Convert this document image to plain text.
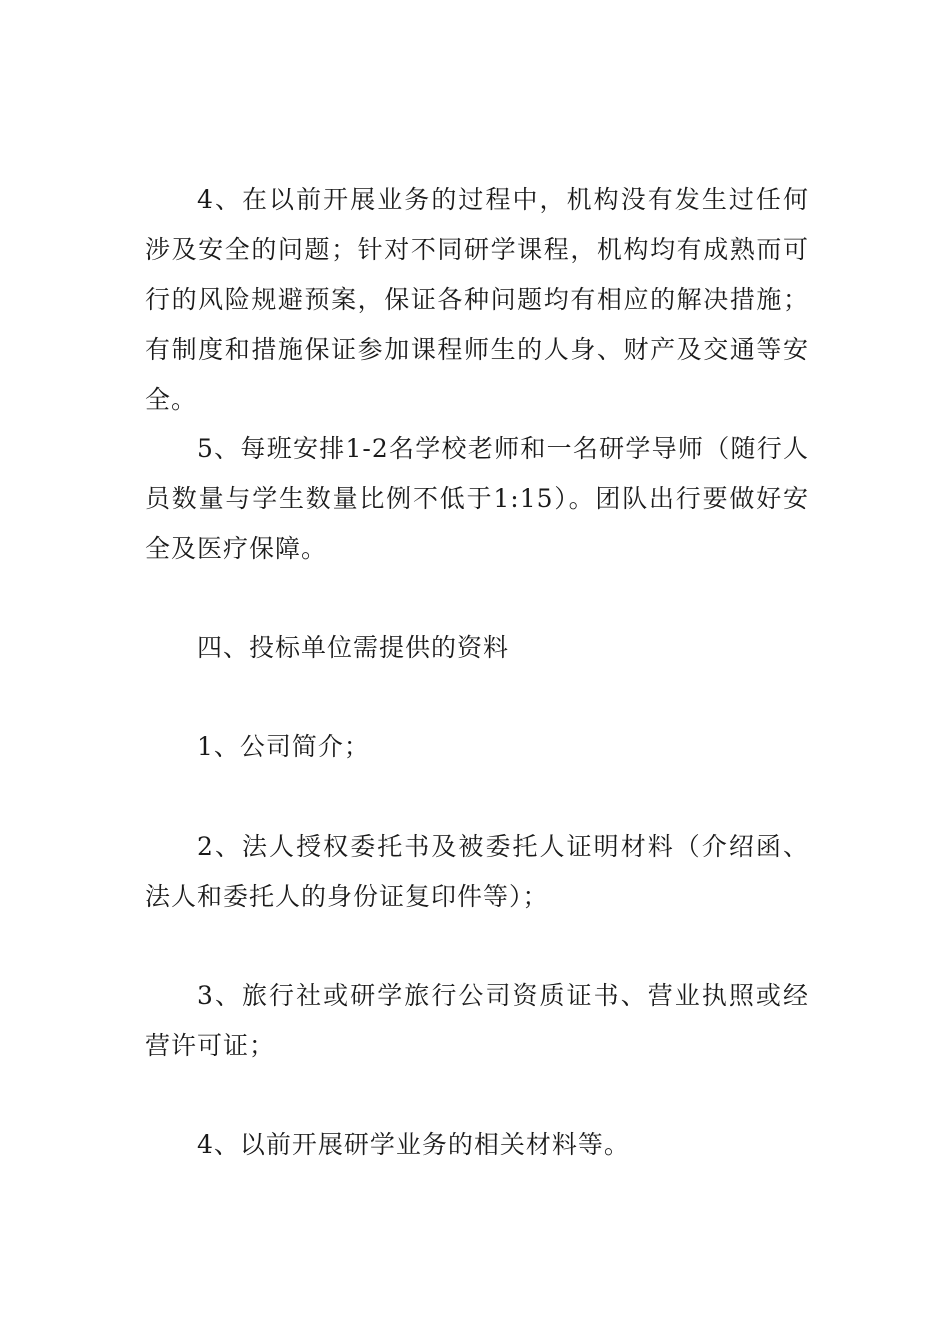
4、在以前开展业务的过程中，机构没有发生过任何涉及安全的问题；针对不同研学课程，机构均有成熟而可行的风险规避预案，保证各种问题均有相应的解决措施；有制度和措施保证参加课程师生的人身、财产及交通等安全。

5、每班安排1-2名学校老师和一名研学导师（随行人员数量与学生数量比例不低于1:15）。团队出行要做好安全及医疗保障。

四、投标单位需提供的资料

1、公司简介；

2、法人授权委托书及被委托人证明材料（介绍函、法人和委托人的身份证复印件等）；

3、旅行社或研学旅行公司资质证书、营业执照或经营许可证；

4、以前开展研学业务的相关材料等。
